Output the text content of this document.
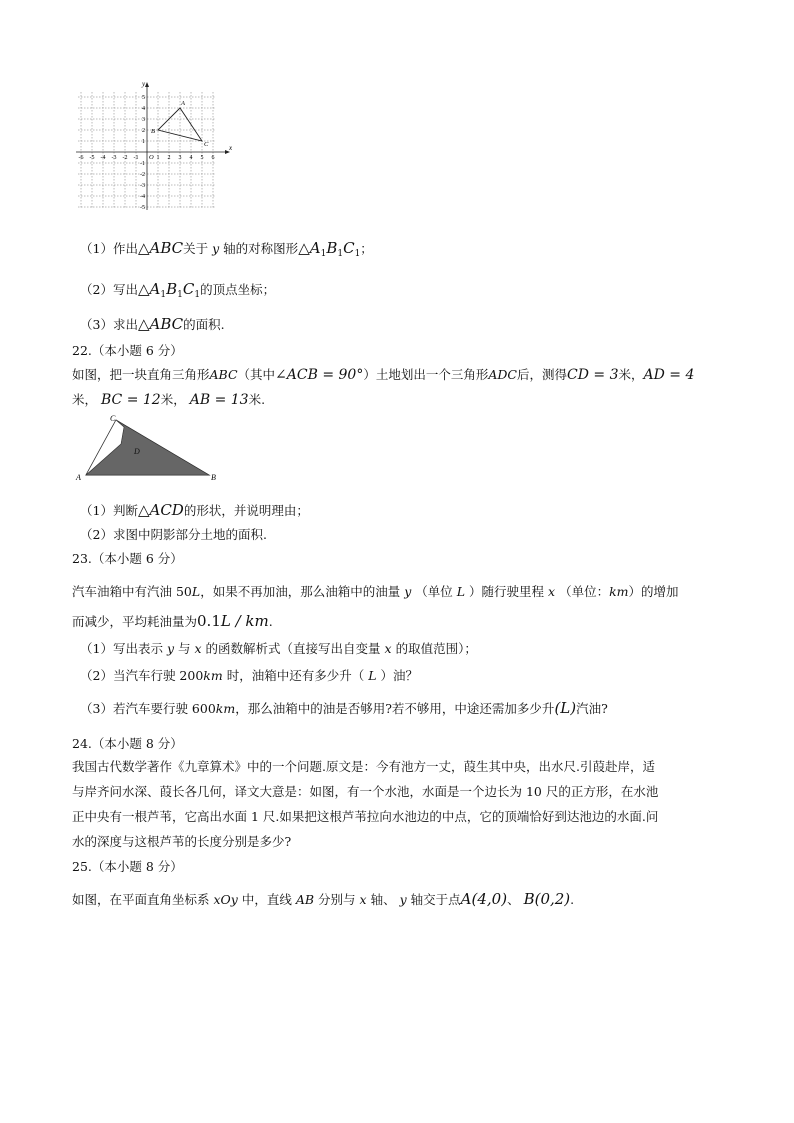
x
y
O
-6 -5 -4 -3 -2 -1	1 2 3 4 5 6
5
4
3
2
1
-1
-2
-3
-4
-5
A
B
C
（1）作出△ABC关于 y 轴的对称图形$\triangle A_1B_1C_1$；
（2）写出$\triangle A_1B_1C_1$的顶点坐标；
（3）求出△ABC的面积.
22.（本小题 6 分）
如图，把一块直角三角形ABC（其中∠ACB = 90°）土地划出一个三角形ADC后，测得CD = 3米，AD = 4
米， BC = 12米， AB = 13米.
C
D
A	B
（1）判断△ACD的形状，并说明理由；
（2）求图中阴影部分土地的面积.
23.（本小题 6 分）
汽车油箱中有汽油 50L，如果不再加油，那么油箱中的油量 y （单位 L ）随行驶里程 x （单位：km）的增加
而减少，平均耗油量为0.1L / km.
（1）写出表示 y 与 x 的函数解析式（直接写出自变量 x 的取值范围）；
（2）当汽车行驶 200km 时，油箱中还有多少升（ L ）油？
（3）若汽车要行驶 600km，那么油箱中的油是否够用?若不够用，中途还需加多少升(L)汽油?
24.（本小题 8 分）
我国古代数学著作《九章算术》中的一个问题.原文是：今有池方一丈，葭生其中央，出水尺.引葭赴岸，适
与岸齐问水深、葭长各几何，译文大意是：如图，有一个水池，水面是一个边长为 10 尺的正方形，在水池
正中央有一根芦苇，它高出水面 1 尺.如果把这根芦苇拉向水池边的中点，它的顶端恰好到达池边的水面.问
水的深度与这根芦苇的长度分别是多少?
25.（本小题 8 分）
如图，在平面直角坐标系 xOy 中，直线 AB 分别与 x 轴、 y 轴交于点A(4,0)、 B(0,2).
